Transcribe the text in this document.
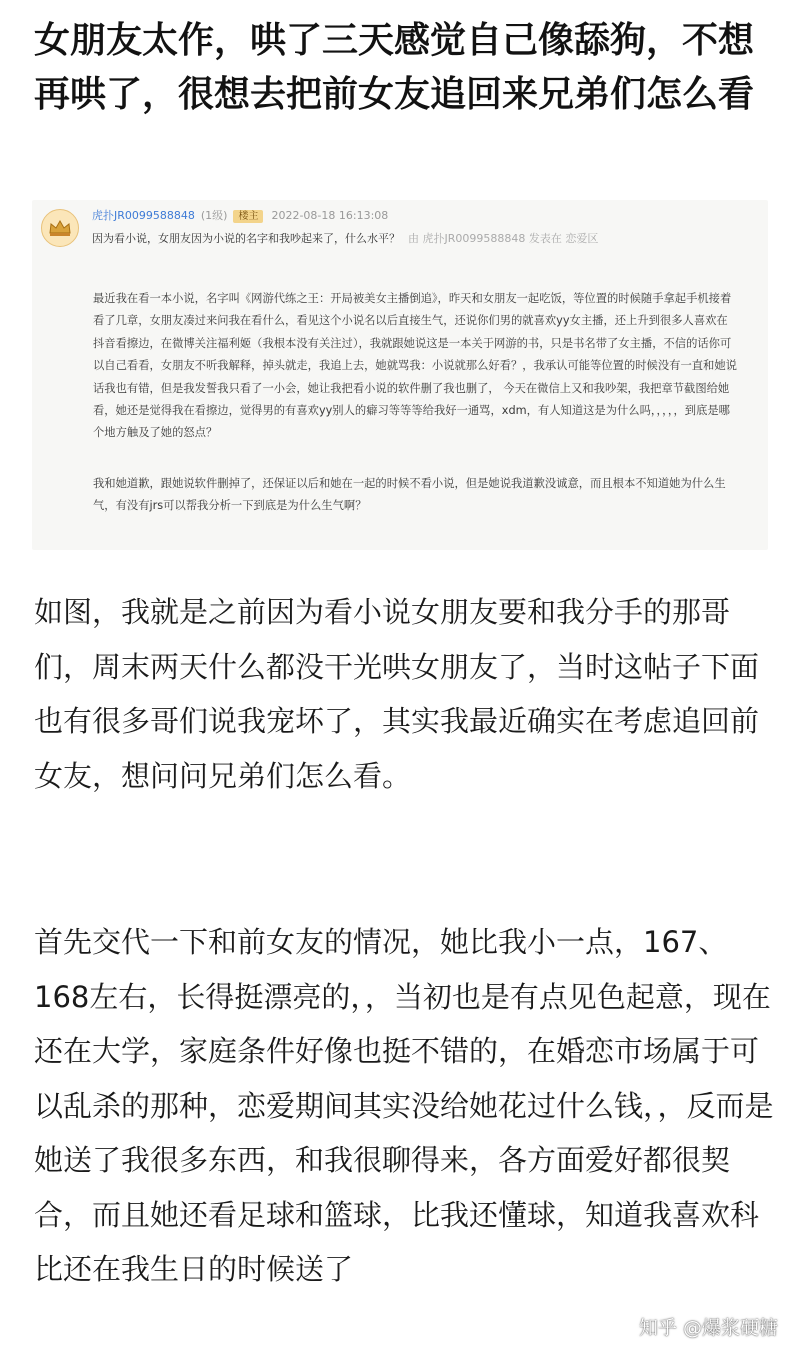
女朋友太作，哄了三天感觉自己像舔狗，不想再哄了，很想去把前女友追回来兄弟们怎么看
虎扑JR0099588848 (1级) 楼主 2022-08-18 16:13:08
因为看小说，女朋友因为小说的名字和我吵起来了，什么水平？ 由 虎扑JR0099588848 发表在 恋爱区

最近我在看一本小说，名字叫《网游代练之王：开局被美女主播倒追》，昨天和女朋友一起吃饭，等位置的时候随手拿起手机接着看了几章，女朋友凑过来问我在看什么，看见这个小说名以后直接生气，还说你们男的就喜欢yy女主播，还上升到很多人喜欢在抖音看擦边，在微博关注福利姬（我根本没有关注过），我就跟她说这是一本关于网游的书，只是书名带了女主播，不信的话你可以自己看看，女朋友不听我解释，掉头就走，我追上去，她就骂我：小说就那么好看？，我承认可能等位置的时候没有一直和她说话我也有错，但是我发誓我只看了一小会，她让我把看小说的软件删了我也删了， 今天在微信上又和我吵架，我把章节截图给她看，她还是觉得我在看擦边，觉得男的有喜欢yy别人的癖习等等等给我好一通骂，xdm，有人知道这是为什么吗，，，，，到底是哪个地方触及了她的怒点？

我和她道歉，跟她说软件删掉了，还保证以后和她在一起的时候不看小说，但是她说我道歉没诚意，而且根本不知道她为什么生气，有没有jrs可以帮我分析一下到底是为什么生气啊？

如图，我就是之前因为看小说女朋友要和我分手的那哥们，周末两天什么都没干光哄女朋友了，当时这帖子下面也有很多哥们说我宠坏了，其实我最近确实在考虑追回前女友，想问问兄弟们怎么看。

首先交代一下和前女友的情况，她比我小一点，167、168左右，长得挺漂亮的，，当初也是有点见色起意，现在还在大学，家庭条件好像也挺不错的，在婚恋市场属于可以乱杀的那种，恋爱期间其实没给她花过什么钱，，反而是她送了我很多东西，和我很聊得来，各方面爱好都很契合，而且她还看足球和篮球，比我还懂球，知道我喜欢科比还在我生日的时候送了

知乎 @爆浆硬糖
